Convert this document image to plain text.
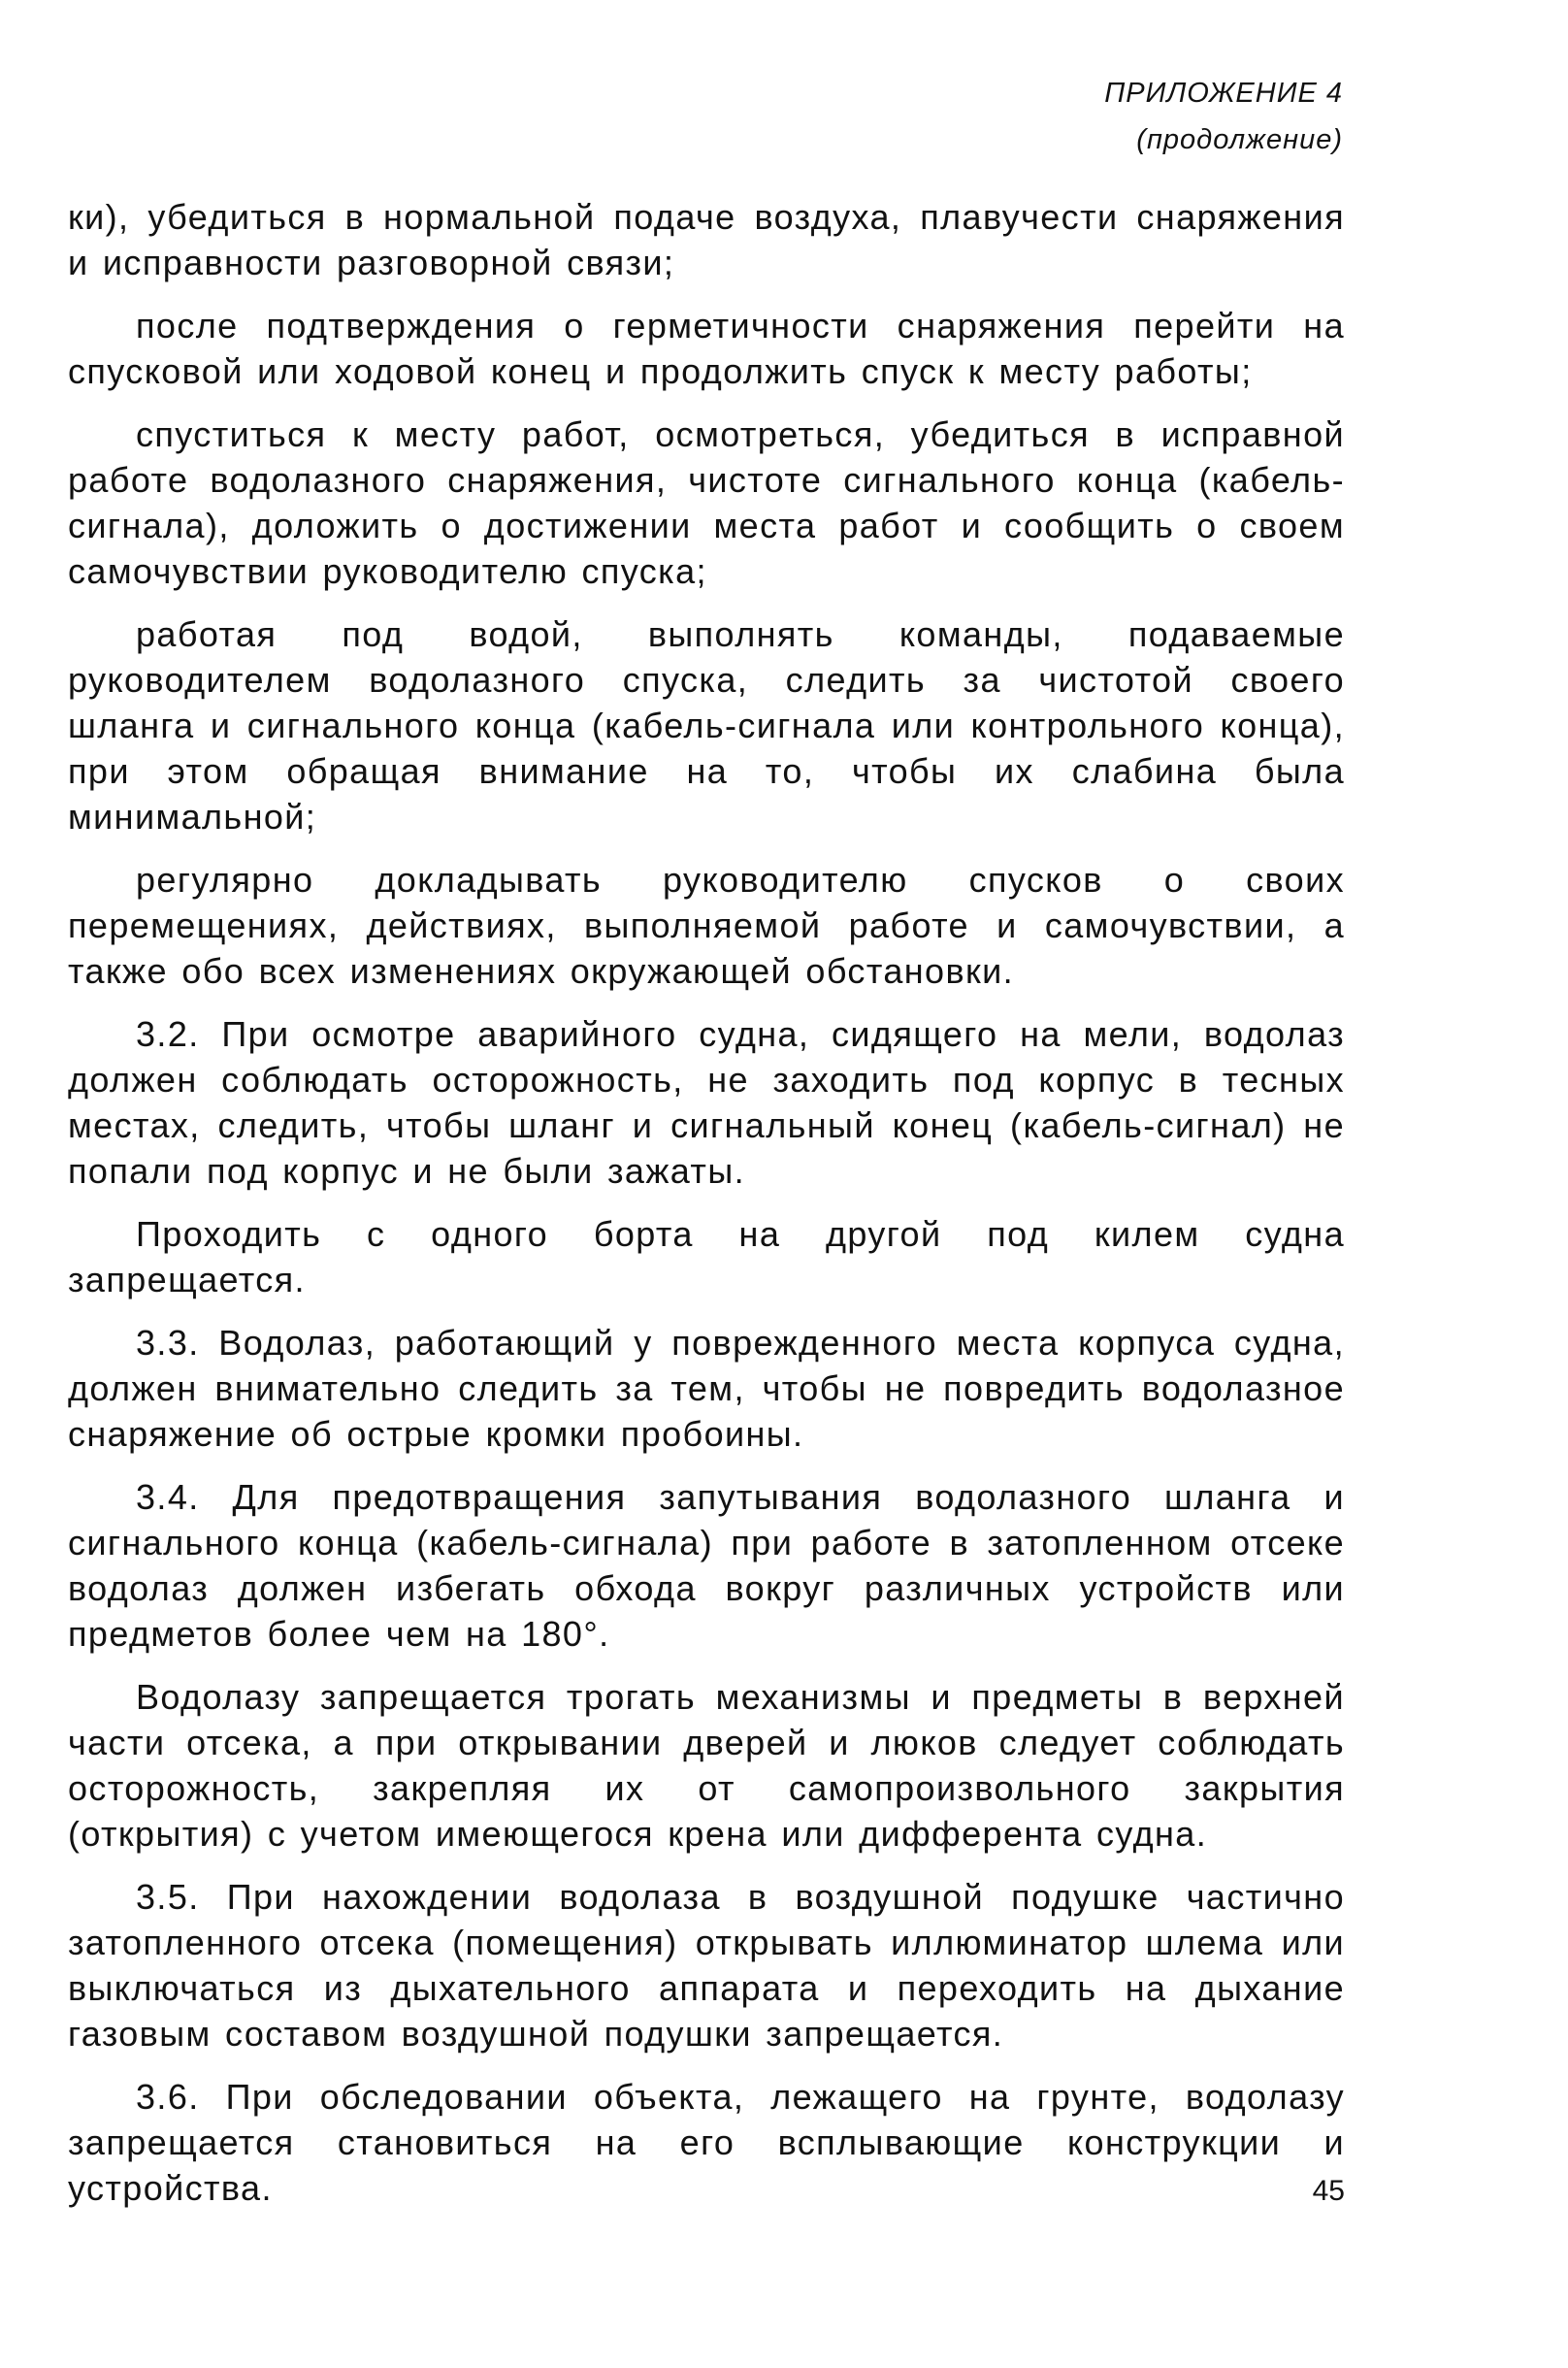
ПРИЛОЖЕНИЕ 4
(продолжение)

ки), убедиться в нормальной подаче воздуха, плавучести снаряжения и исправности разговорной связи;

после подтверждения о герметичности снаряжения перейти на спусковой или ходовой конец и продолжить спуск к месту работы;

спуститься к месту работ, осмотреться, убедиться в исправной работе водолазного снаряжения, чистоте сигнального конца (кабель-сигнала), доложить о достижении места работ и сообщить о своем самочувствии руководителю спуска;

работая под водой, выполнять команды, подаваемые руководителем водолазного спуска, следить за чистотой своего шланга и сигнального конца (кабель-сигнала или контрольного конца), при этом обращая внимание на то, чтобы их слабина была минимальной;

регулярно докладывать руководителю спусков о своих перемещениях, действиях, выполняемой работе и самочувствии, а также обо всех изменениях окружающей обстановки.

3.2. При осмотре аварийного судна, сидящего на мели, водолаз должен соблюдать осторожность, не заходить под корпус в тесных местах, следить, чтобы шланг и сигнальный конец (кабель-сигнал) не попали под корпус и не были зажаты.

Проходить с одного борта на другой под килем судна запрещается.

3.3. Водолаз, работающий у поврежденного места корпуса судна, должен внимательно следить за тем, чтобы не повредить водолазное снаряжение об острые кромки пробоины.

3.4. Для предотвращения запутывания водолазного шланга и сигнального конца (кабель-сигнала) при работе в затопленном отсеке водолаз должен избегать обхода вокруг различных устройств или предметов более чем на 180°.

Водолазу запрещается трогать механизмы и предметы в верхней части отсека, а при открывании дверей и люков следует соблюдать осторожность, закрепляя их от самопроизвольного закрытия (открытия) с учетом имеющегося крена или дифферента судна.

3.5. При нахождении водолаза в воздушной подушке частично затопленного отсека (помещения) открывать иллюминатор шлема или выключаться из дыхательного аппарата и переходить на дыхание газовым составом воздушной подушки запрещается.

3.6. При обследовании объекта, лежащего на грунте, водолазу запрещается становиться на его всплывающие конструкции и устройства.	45
